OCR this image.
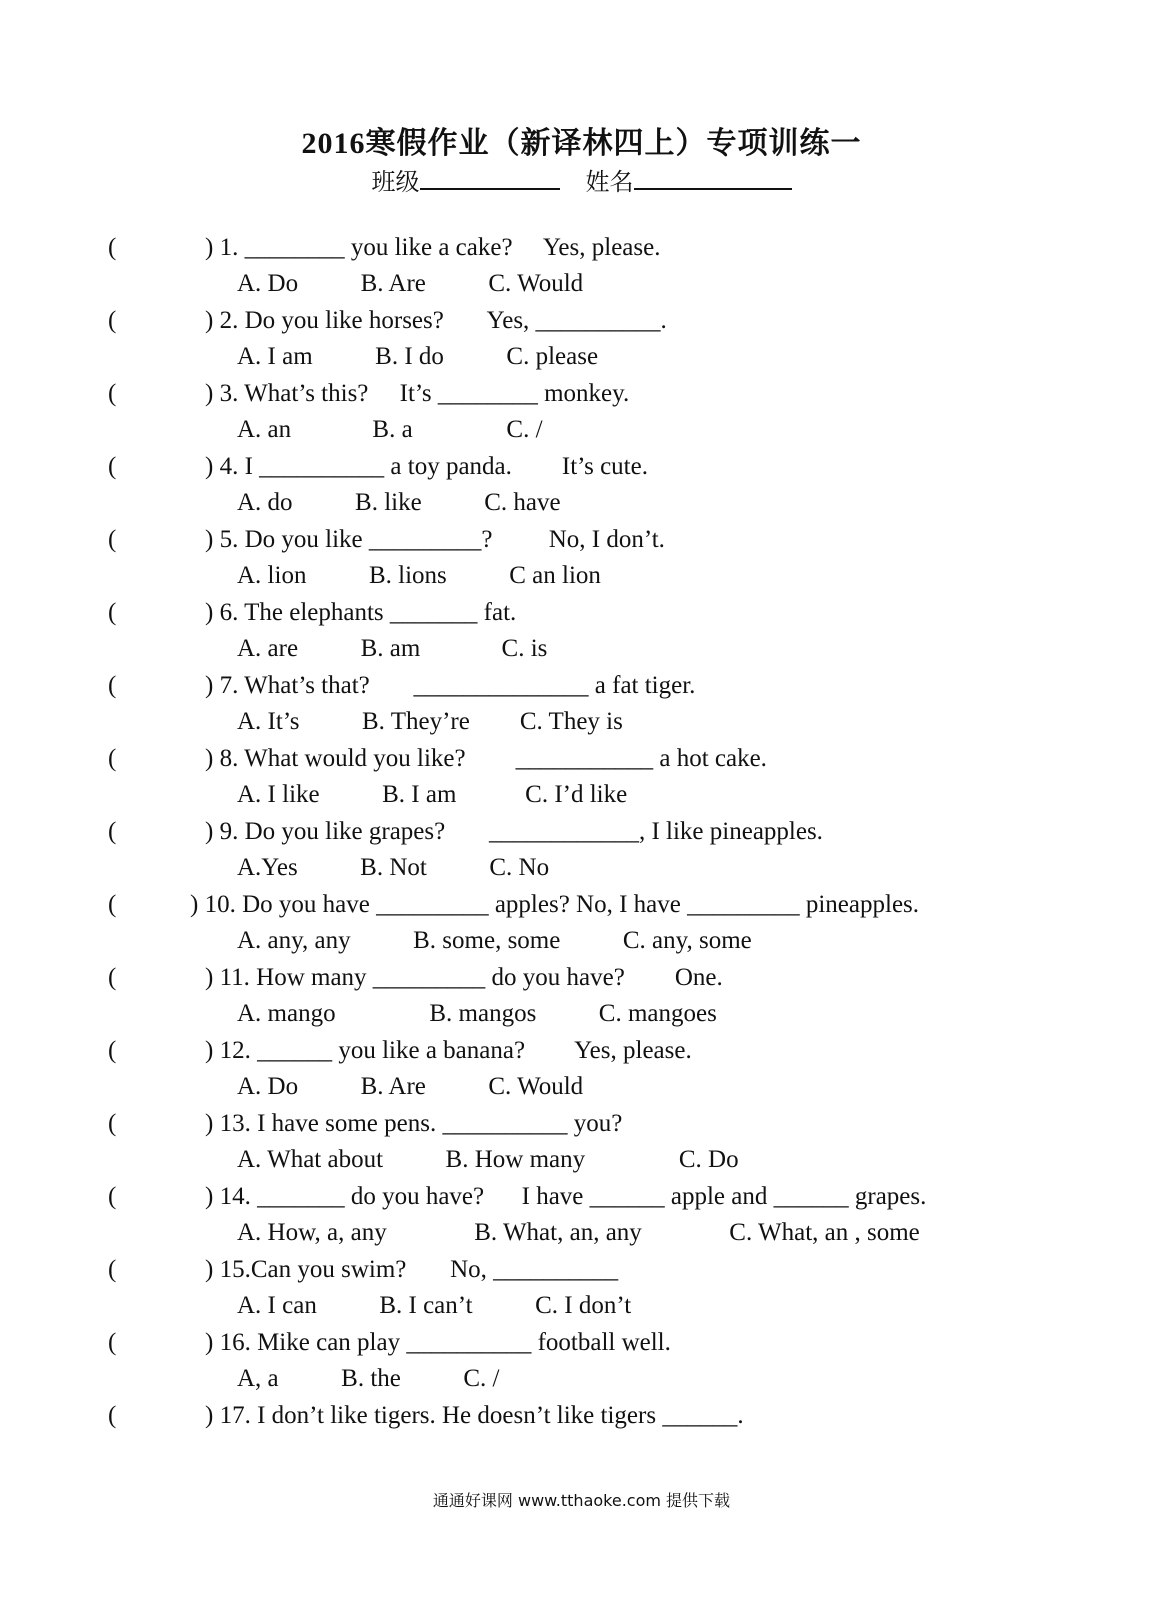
2016寒假作业（新译林四上）专项训练一
班级	姓名
(	) 1. ________ you like a cake?     Yes, please.
A. Do          B. Are          C. Would
(	) 2. Do you like horses?       Yes, __________.
A. I am          B. I do          C. please
(	) 3. What’s this?     It’s ________ monkey.
A. an             B. a               C. /
(	) 4. I __________ a toy panda.        It’s cute.
A. do          B. like          C. have
(	) 5. Do you like _________?         No, I don’t.
A. lion          B. lions          C an lion
(	) 6. The elephants _______ fat.
A. are          B. am             C. is
(	) 7. What’s that?       ______________ a fat tiger.
A. It’s          B. They’re        C. They is
(	) 8. What would you like?        ___________ a hot cake.
A. I like          B. I am           C. I’d like
(	) 9. Do you like grapes?       ____________, I like pineapples.
A.Yes          B. Not          C. No
(	) 10. Do you have _________ apples? No, I have _________ pineapples.
A. any, any          B. some, some          C. any, some
(	) 11. How many _________ do you have?        One.
A. mango               B. mangos          C. mangoes
(	) 12. ______ you like a banana?        Yes, please.
A. Do          B. Are          C. Would
(	) 13. I have some pens. __________ you?
A. What about          B. How many               C. Do
(	) 14. _______ do you have?      I have ______ apple and ______ grapes.
A. How, a, any              B. What, an, any              C. What, an , some
(	) 15.Can you swim?       No, __________
A. I can          B. I can’t          C. I don’t
(	) 16. Mike can play __________ football well.
A, a          B. the          C. /
(	) 17. I don’t like tigers. He doesn’t like tigers ______.
通通好课网 www.tthaoke.com 提供下载
